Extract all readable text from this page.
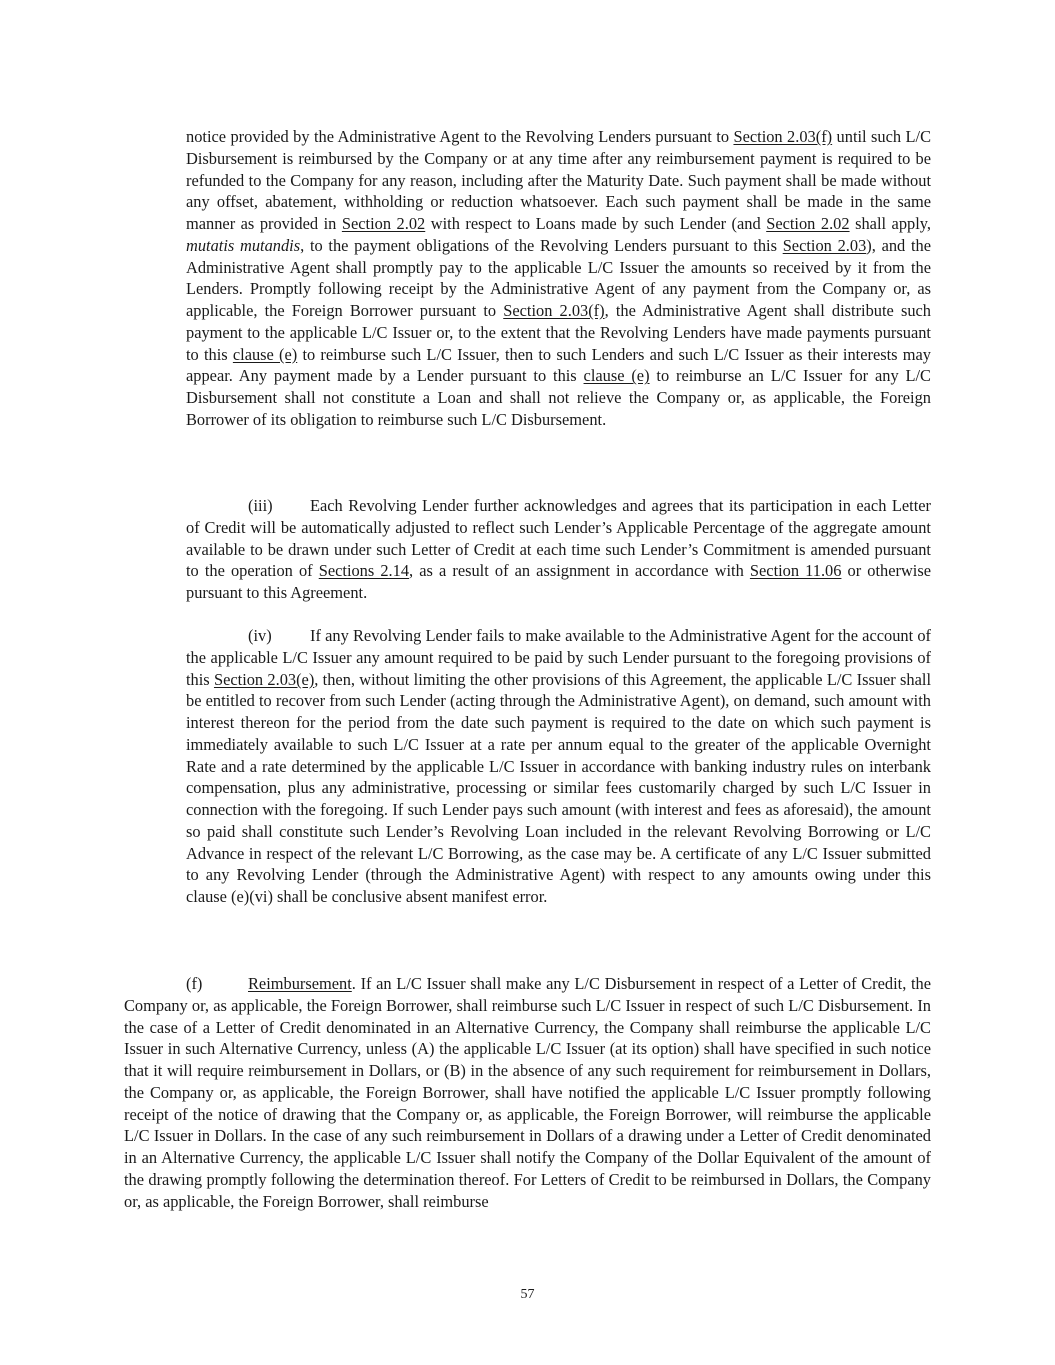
notice provided by the Administrative Agent to the Revolving Lenders pursuant to Section 2.03(f) until such L/C Disbursement is reimbursed by the Company or at any time after any reimbursement payment is required to be refunded to the Company for any reason, including after the Maturity Date. Such payment shall be made without any offset, abatement, withholding or reduction whatsoever. Each such payment shall be made in the same manner as provided in Section 2.02 with respect to Loans made by such Lender (and Section 2.02 shall apply, mutatis mutandis, to the payment obligations of the Revolving Lenders pursuant to this Section 2.03), and the Administrative Agent shall promptly pay to the applicable L/C Issuer the amounts so received by it from the Lenders. Promptly following receipt by the Administrative Agent of any payment from the Company or, as applicable, the Foreign Borrower pursuant to Section 2.03(f), the Administrative Agent shall distribute such payment to the applicable L/C Issuer or, to the extent that the Revolving Lenders have made payments pursuant to this clause (e) to reimburse such L/C Issuer, then to such Lenders and such L/C Issuer as their interests may appear. Any payment made by a Lender pursuant to this clause (e) to reimburse an L/C Issuer for any L/C Disbursement shall not constitute a Loan and shall not relieve the Company or, as applicable, the Foreign Borrower of its obligation to reimburse such L/C Disbursement.

(iii) Each Revolving Lender further acknowledges and agrees that its participation in each Letter of Credit will be automatically adjusted to reflect such Lender’s Applicable Percentage of the aggregate amount available to be drawn under such Letter of Credit at each time such Lender’s Commitment is amended pursuant to the operation of Sections 2.14, as a result of an assignment in accordance with Section 11.06 or otherwise pursuant to this Agreement.

(iv) If any Revolving Lender fails to make available to the Administrative Agent for the account of the applicable L/C Issuer any amount required to be paid by such Lender pursuant to the foregoing provisions of this Section 2.03(e), then, without limiting the other provisions of this Agreement, the applicable L/C Issuer shall be entitled to recover from such Lender (acting through the Administrative Agent), on demand, such amount with interest thereon for the period from the date such payment is required to the date on which such payment is immediately available to such L/C Issuer at a rate per annum equal to the greater of the applicable Overnight Rate and a rate determined by the applicable L/C Issuer in accordance with banking industry rules on interbank compensation, plus any administrative, processing or similar fees customarily charged by such L/C Issuer in connection with the foregoing. If such Lender pays such amount (with interest and fees as aforesaid), the amount so paid shall constitute such Lender’s Revolving Loan included in the relevant Revolving Borrowing or L/C Advance in respect of the relevant L/C Borrowing, as the case may be. A certificate of any L/C Issuer submitted to any Revolving Lender (through the Administrative Agent) with respect to any amounts owing under this clause (e)(vi) shall be conclusive absent manifest error.

(f)	Reimbursement. If an L/C Issuer shall make any L/C Disbursement in respect of a Letter of Credit, the Company or, as applicable, the Foreign Borrower, shall reimburse such L/C Issuer in respect of such L/C Disbursement. In the case of a Letter of Credit denominated in an Alternative Currency, the Company shall reimburse the applicable L/C Issuer in such Alternative Currency, unless (A) the applicable L/C Issuer (at its option) shall have specified in such notice that it will require reimbursement in Dollars, or (B) in the absence of any such requirement for reimbursement in Dollars, the Company or, as applicable, the Foreign Borrower, shall have notified the applicable L/C Issuer promptly following receipt of the notice of drawing that the Company or, as applicable, the Foreign Borrower, will reimburse the applicable L/C Issuer in Dollars. In the case of any such reimbursement in Dollars of a drawing under a Letter of Credit denominated in an Alternative Currency, the applicable L/C Issuer shall notify the Company of the Dollar Equivalent of the amount of the drawing promptly following the determination thereof. For Letters of Credit to be reimbursed in Dollars, the Company or, as applicable, the Foreign Borrower, shall reimburse

57
